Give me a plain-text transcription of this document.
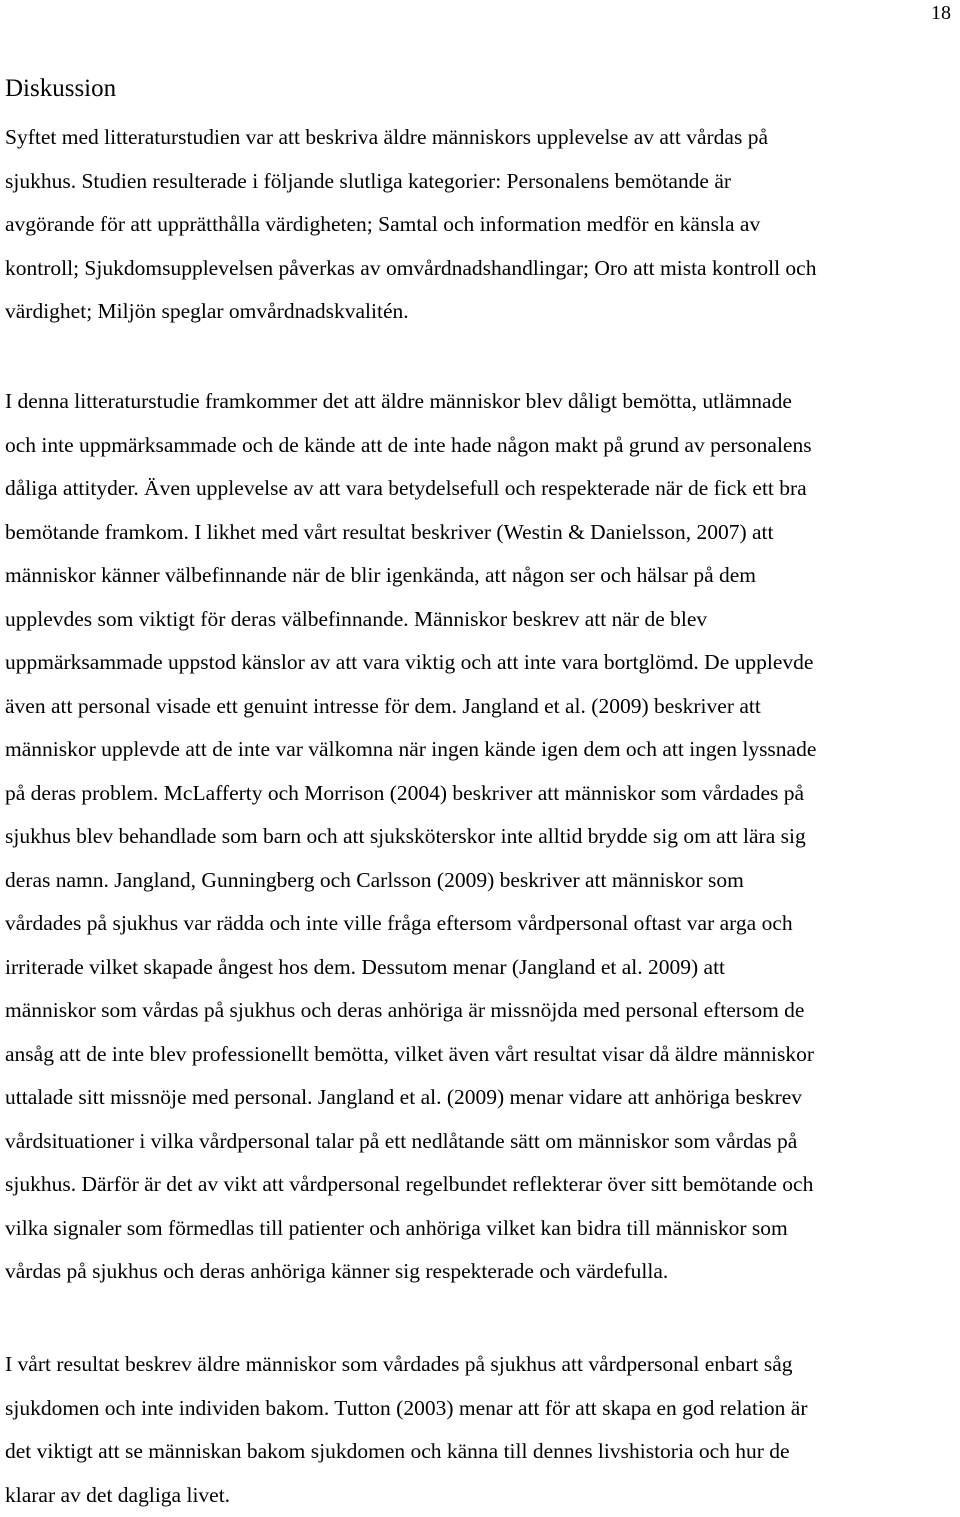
18
Diskussion
Syftet med litteraturstudien var att beskriva äldre människors upplevelse av att vårdas på
sjukhus. Studien resulterade i följande slutliga kategorier: Personalens bemötande är
avgörande för att upprätthålla värdigheten; Samtal och information medför en känsla av
kontroll; Sjukdomsupplevelsen påverkas av omvårdnadshandlingar; Oro att mista kontroll och
värdighet; Miljön speglar omvårdnadskvalitén.
I denna litteraturstudie framkommer det att äldre människor blev dåligt bemötta, utlämnade
och inte uppmärksammade och de kände att de inte hade någon makt på grund av personalens
dåliga attityder. Även upplevelse av att vara betydelsefull och respekterade när de fick ett bra
bemötande framkom. I likhet med vårt resultat beskriver (Westin & Danielsson, 2007) att
människor känner välbefinnande när de blir igenkända, att någon ser och hälsar på dem
upplevdes som viktigt för deras välbefinnande. Människor beskrev att när de blev
uppmärksammade uppstod känslor av att vara viktig och att inte vara bortglömd. De upplevde
även att personal visade ett genuint intresse för dem. Jangland et al. (2009) beskriver att
människor upplevde att de inte var välkomna när ingen kände igen dem och att ingen lyssnade
på deras problem. McLafferty och Morrison (2004) beskriver att människor som vårdades på
sjukhus blev behandlade som barn och att sjuksköterskor inte alltid brydde sig om att lära sig
deras namn. Jangland, Gunningberg och Carlsson (2009) beskriver att människor som
vårdades på sjukhus var rädda och inte ville fråga eftersom vårdpersonal oftast var arga och
irriterade vilket skapade ångest hos dem. Dessutom menar (Jangland et al. 2009) att
människor som vårdas på sjukhus och deras anhöriga är missnöjda med personal eftersom de
ansåg att de inte blev professionellt bemötta, vilket även vårt resultat visar då äldre människor
uttalade sitt missnöje med personal. Jangland et al. (2009) menar vidare att anhöriga beskrev
vårdsituationer i vilka vårdpersonal talar på ett nedlåtande sätt om människor som vårdas på
sjukhus. Därför är det av vikt att vårdpersonal regelbundet reflekterar över sitt bemötande och
vilka signaler som förmedlas till patienter och anhöriga vilket kan bidra till människor som
vårdas på sjukhus och deras anhöriga känner sig respekterade och värdefulla.
I vårt resultat beskrev äldre människor som vårdades på sjukhus att vårdpersonal enbart såg
sjukdomen och inte individen bakom. Tutton (2003) menar att för att skapa en god relation är
det viktigt att se människan bakom sjukdomen och känna till dennes livshistoria och hur de
klarar av det dagliga livet.
